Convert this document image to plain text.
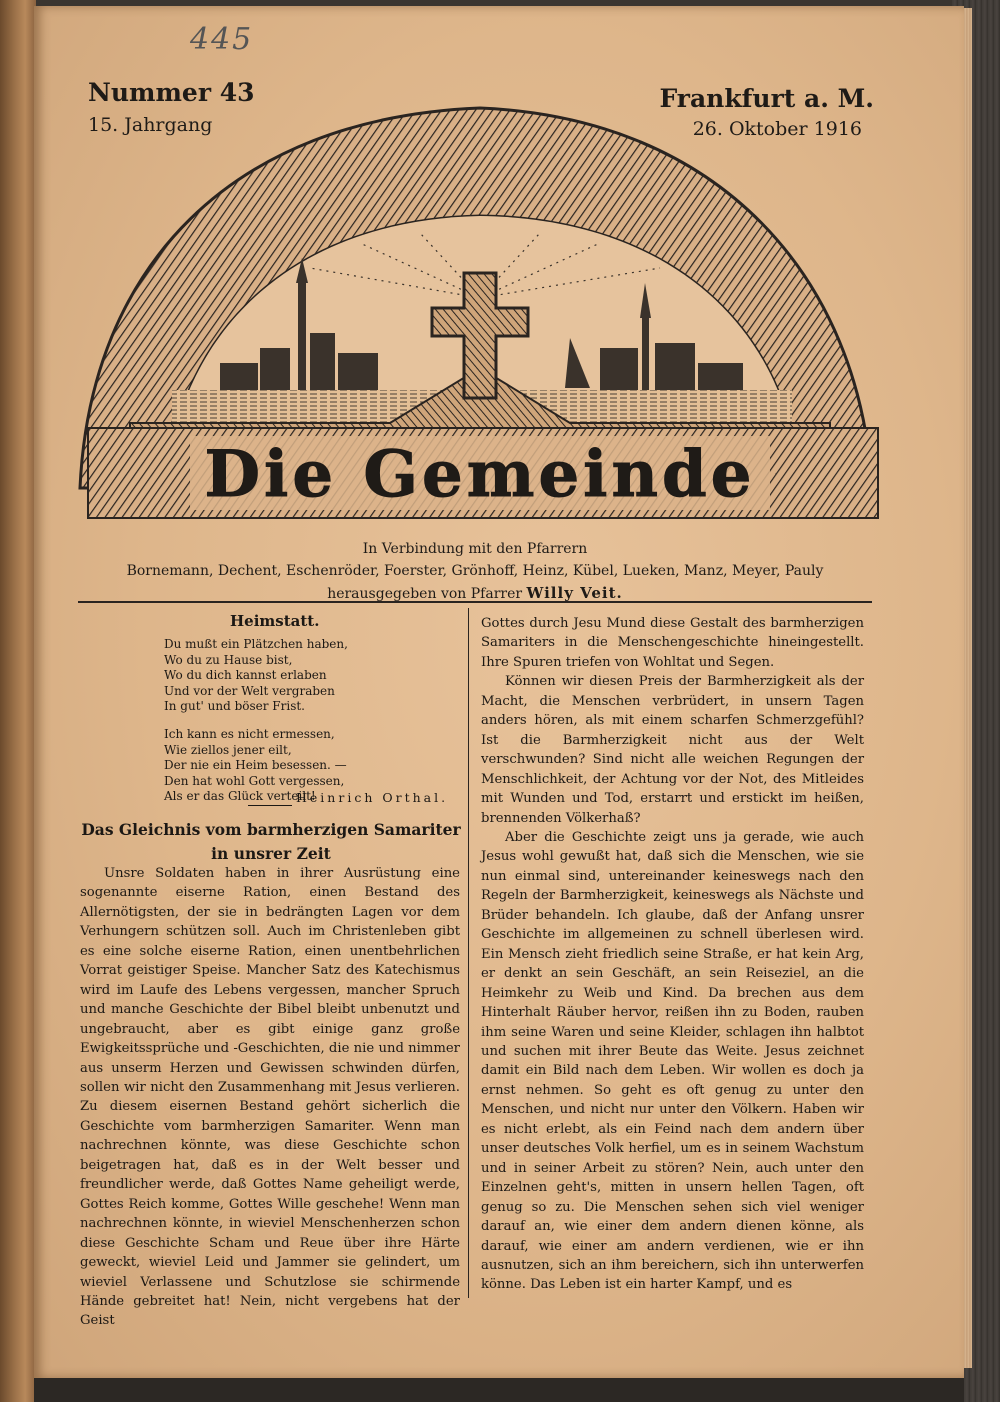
445
Nummer 43
15. Jahrgang
Frankfurt a. M.
26. Oktober 1916
Die Gemeinde
In Verbindung mit den Pfarrern
Bornemann, Dechent, Eschenröder, Foerster, Grönhoff, Heinz, Kübel, Lueken, Manz, Meyer, Pauly
herausgegeben von Pfarrer Willy Veit.
Heimstatt.
Du mußt ein Plätzchen haben,
Wo du zu Hause bist,
Wo du dich kannst erlaben
Und vor der Welt vergraben
In gut' und böser Frist.
Ich kann es nicht ermessen,
Wie ziellos jener eilt,
Der nie ein Heim besessen. —
Den hat wohl Gott vergessen,
Als er das Glück verteilt!
Heinrich Orthal.
Das Gleichnis vom barmherzigen Samariter
in unsrer Zeit

Unsre Soldaten haben in ihrer Ausrüstung eine sogenannte eiserne Ration, einen Bestand des Allernötigsten, der sie in bedrängten Lagen vor dem Verhungern schützen soll. Auch im Christenleben gibt es eine solche eiserne Ration, einen unentbehrlichen Vorrat geistiger Speise. Mancher Satz des Katechismus wird im Laufe des Lebens vergessen, mancher Spruch und manche Geschichte der Bibel bleibt unbenutzt und ungebraucht, aber es gibt einige ganz große Ewigkeitssprüche und -Geschichten, die nie und nimmer aus unserm Herzen und Gewissen schwinden dürfen, sollen wir nicht den Zusammenhang mit Jesus verlieren. Zu diesem eisernen Bestand gehört sicherlich die Geschichte vom barmherzigen Samariter. Wenn man nachrechnen könnte, was diese Geschichte schon beigetragen hat, daß es in der Welt besser und freundlicher werde, daß Gottes Name geheiligt werde, Gottes Reich komme, Gottes Wille geschehe! Wenn man nachrechnen könnte, in wieviel Menschenherzen schon diese Geschichte Scham und Reue über ihre Härte geweckt, wieviel Leid und Jammer sie gelindert, um wieviel Verlassene und Schutzlose sie schirmende Hände gebreitet hat! Nein, nicht vergebens hat der Geist

Gottes durch Jesu Mund diese Gestalt des barmherzigen Samariters in die Menschengeschichte hineingestellt. Ihre Spuren triefen von Wohltat und Segen.

Können wir diesen Preis der Barmherzigkeit als der Macht, die Menschen verbrüdert, in unsern Tagen anders hören, als mit einem scharfen Schmerzgefühl? Ist die Barmherzigkeit nicht aus der Welt verschwunden? Sind nicht alle weichen Regungen der Menschlichkeit, der Achtung vor der Not, des Mitleides mit Wunden und Tod, erstarrt und erstickt im heißen, brennenden Völkerhaß?

Aber die Geschichte zeigt uns ja gerade, wie auch Jesus wohl gewußt hat, daß sich die Menschen, wie sie nun einmal sind, untereinander keineswegs nach den Regeln der Barmherzigkeit, keineswegs als Nächste und Brüder behandeln. Ich glaube, daß der Anfang unsrer Geschichte im allgemeinen zu schnell überlesen wird. Ein Mensch zieht friedlich seine Straße, er hat kein Arg, er denkt an sein Geschäft, an sein Reiseziel, an die Heimkehr zu Weib und Kind. Da brechen aus dem Hinterhalt Räuber hervor, reißen ihn zu Boden, rauben ihm seine Waren und seine Kleider, schlagen ihn halbtot und suchen mit ihrer Beute das Weite. Jesus zeichnet damit ein Bild nach dem Leben. Wir wollen es doch ja ernst nehmen. So geht es oft genug zu unter den Menschen, und nicht nur unter den Völkern. Haben wir es nicht erlebt, als ein Feind nach dem andern über unser deutsches Volk herfiel, um es in seinem Wachstum und in seiner Arbeit zu stören? Nein, auch unter den Einzelnen geht's, mitten in unsern hellen Tagen, oft genug so zu. Die Menschen sehen sich viel weniger darauf an, wie einer dem andern dienen könne, als darauf, wie einer am andern verdienen, wie er ihn ausnutzen, sich an ihm bereichern, sich ihn unterwerfen könne. Das Leben ist ein harter Kampf, und es
